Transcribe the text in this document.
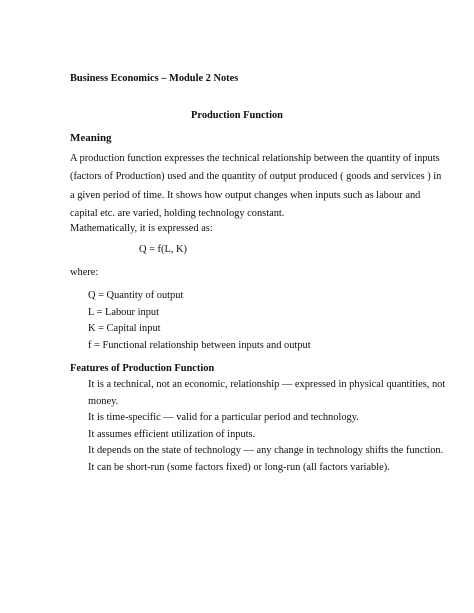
Business Economics – Module 2 Notes
Production Function
Meaning
A production function expresses the technical relationship between the quantity of inputs
(factors of Production) used and the quantity of output produced ( goods and services ) in
a given period of time. It shows how output changes when inputs such as labour and
capital etc. are varied, holding technology constant.
Mathematically, it is expressed as:
Q = f(L, K)
where:
Q = Quantity of output
L = Labour input
K = Capital input
f = Functional relationship between inputs and output
Features of Production Function
It is a technical, not an economic, relationship — expressed in physical quantities, not
money.
It is time-specific — valid for a particular period and technology.
It assumes efficient utilization of inputs.
It depends on the state of technology — any change in technology shifts the function.
It can be short-run (some factors fixed) or long-run (all factors variable).
